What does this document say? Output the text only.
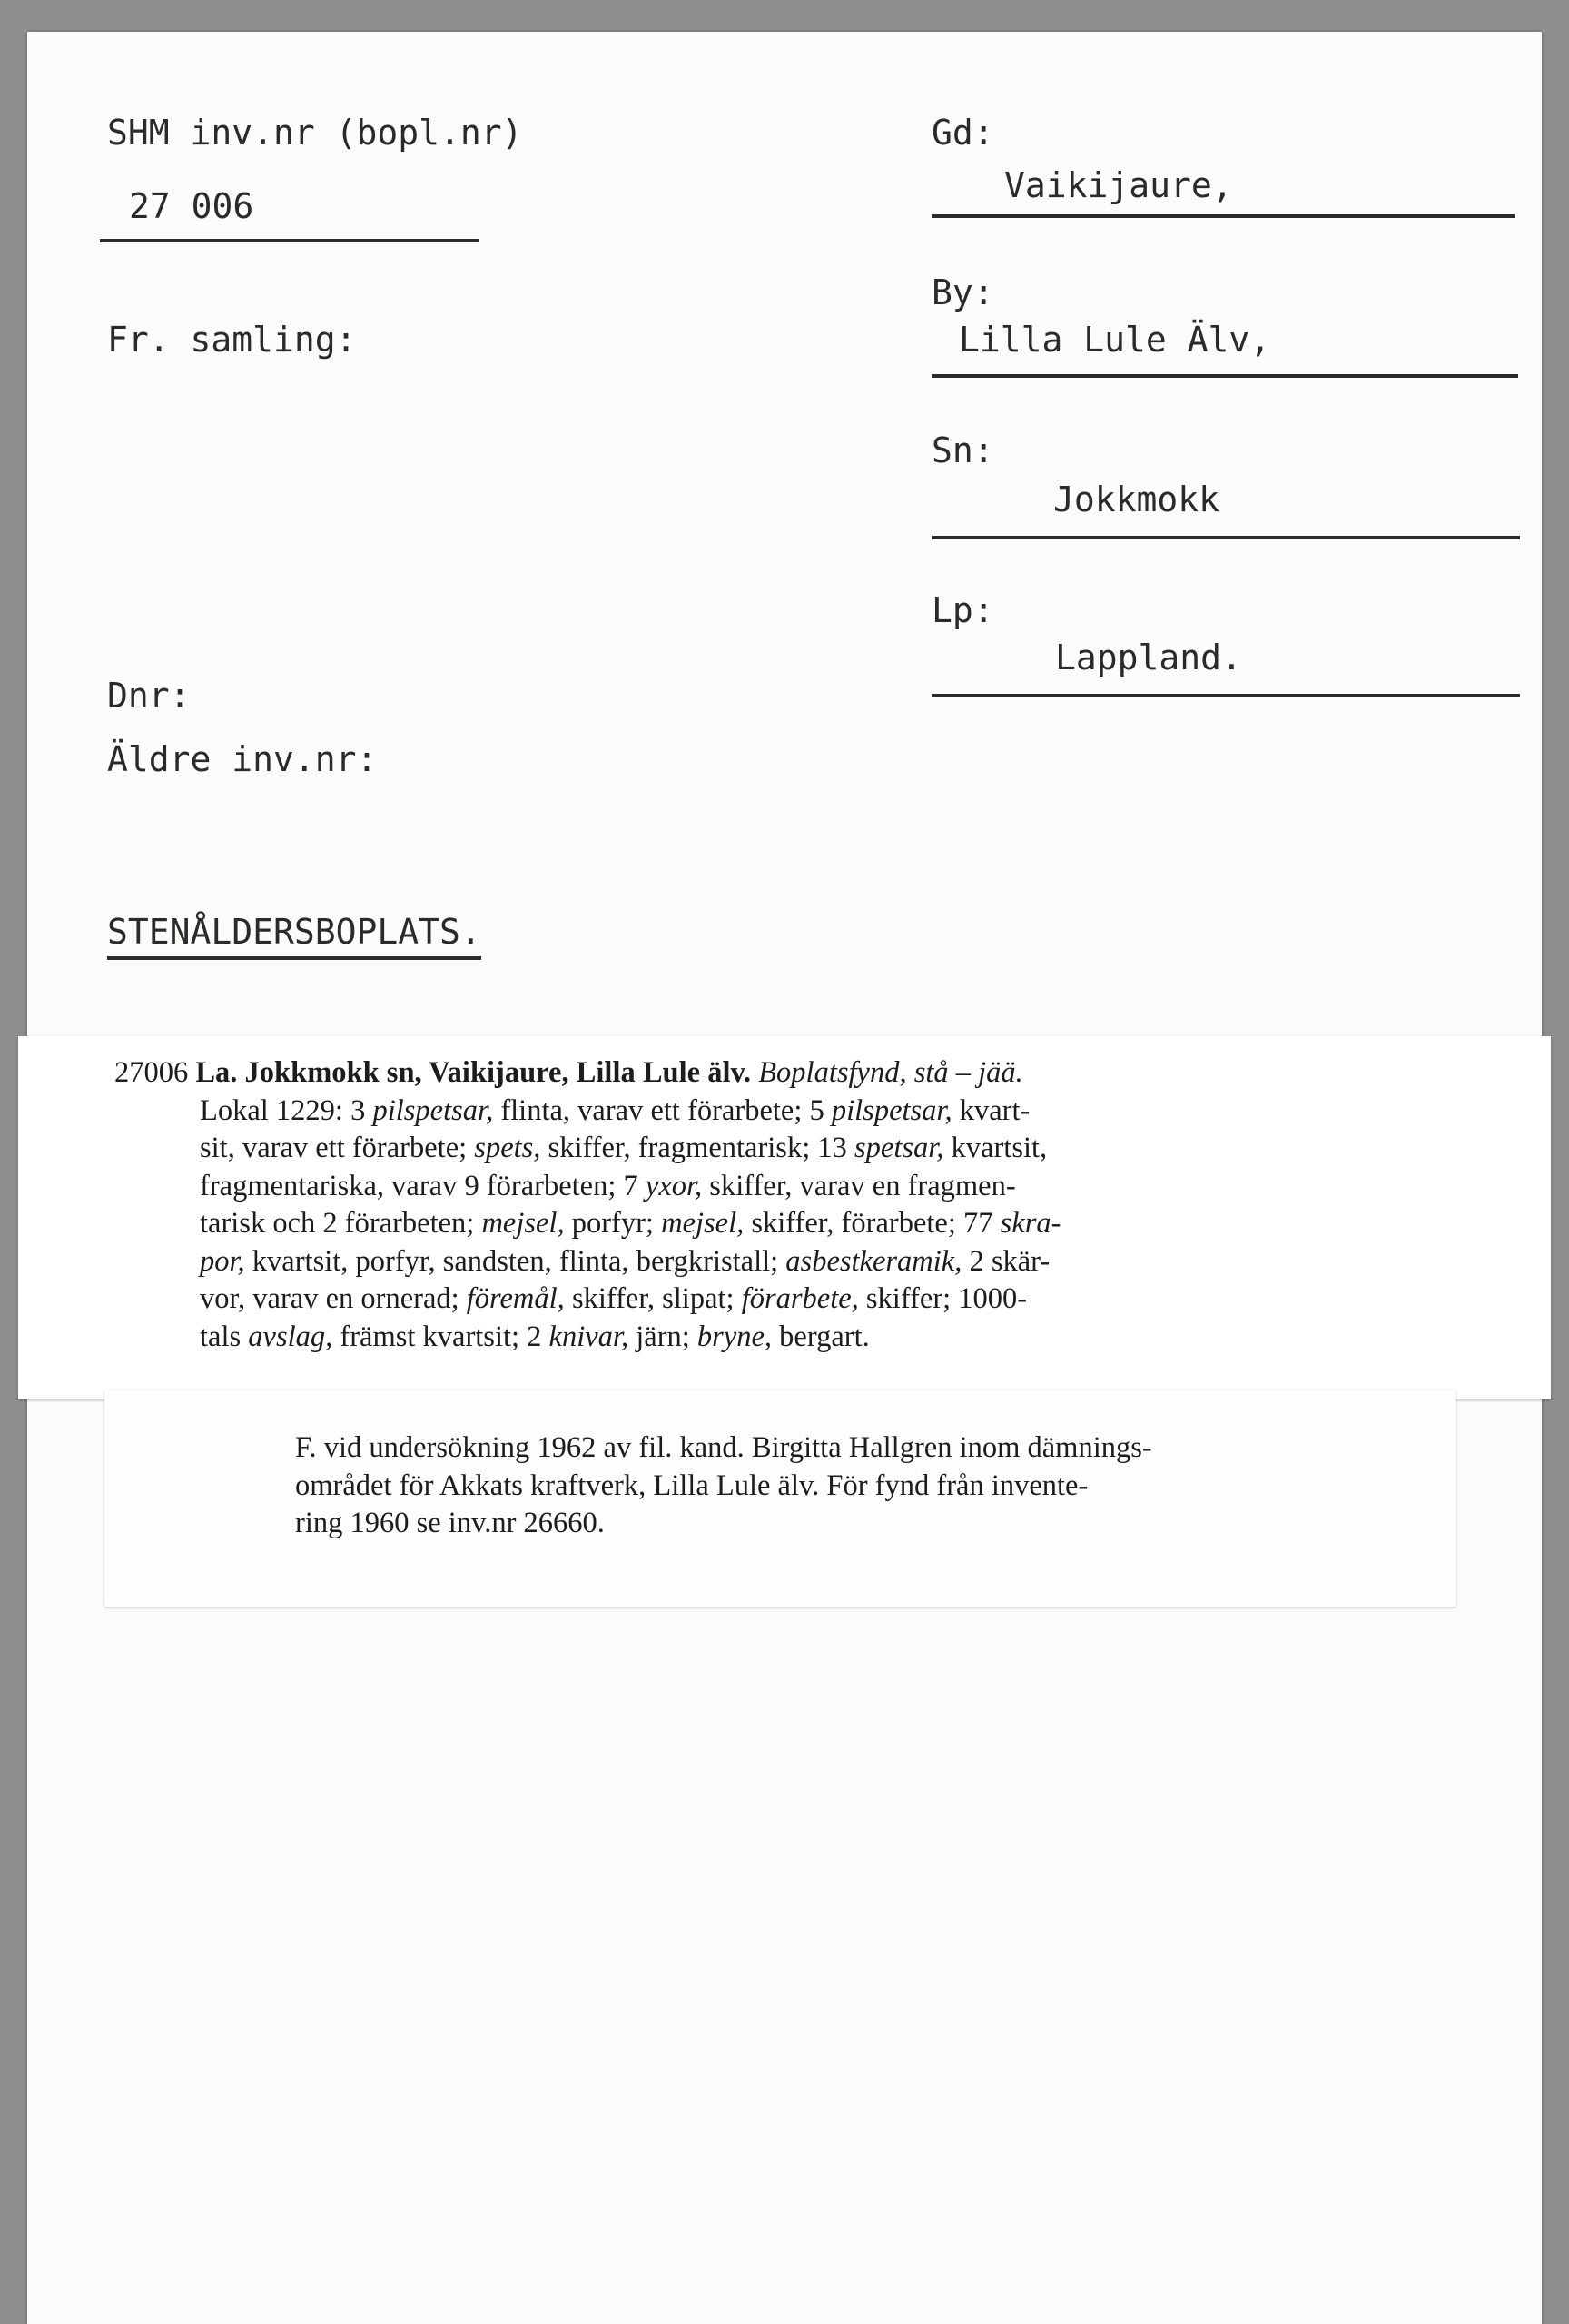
SHM inv.nr (bopl.nr)
27 006
Fr. samling:
Dnr:
Äldre inv.nr:
Gd:
Vaikijaure,
By:
Lilla Lule Älv,
Sn:
Jokkmokk
Lp:
Lappland.
STENÅLDERSBOPLATS.
27006 La. Jokkmokk sn, Vaikijaure, Lilla Lule älv. Boplatsfynd, stå – jää.
Lokal 1229: 3 pilspetsar, flinta, varav ett förarbete; 5 pilspetsar, kvart-
sit, varav ett förarbete; spets, skiffer, fragmentarisk; 13 spetsar, kvartsit,
fragmentariska, varav 9 förarbeten; 7 yxor, skiffer, varav en fragmen-
tarisk och 2 förarbeten; mejsel, porfyr; mejsel, skiffer, förarbete; 77 skra-
por, kvartsit, porfyr, sandsten, flinta, bergkristall; asbestkeramik, 2 skär-
vor, varav en ornerad; föremål, skiffer, slipat; förarbete, skiffer; 1000-
tals avslag, främst kvartsit; 2 knivar, järn; bryne, bergart.
F. vid undersökning 1962 av fil. kand. Birgitta Hallgren inom dämnings-
området för Akkats kraftverk, Lilla Lule älv. För fynd från invente-
ring 1960 se inv.nr 26660.
